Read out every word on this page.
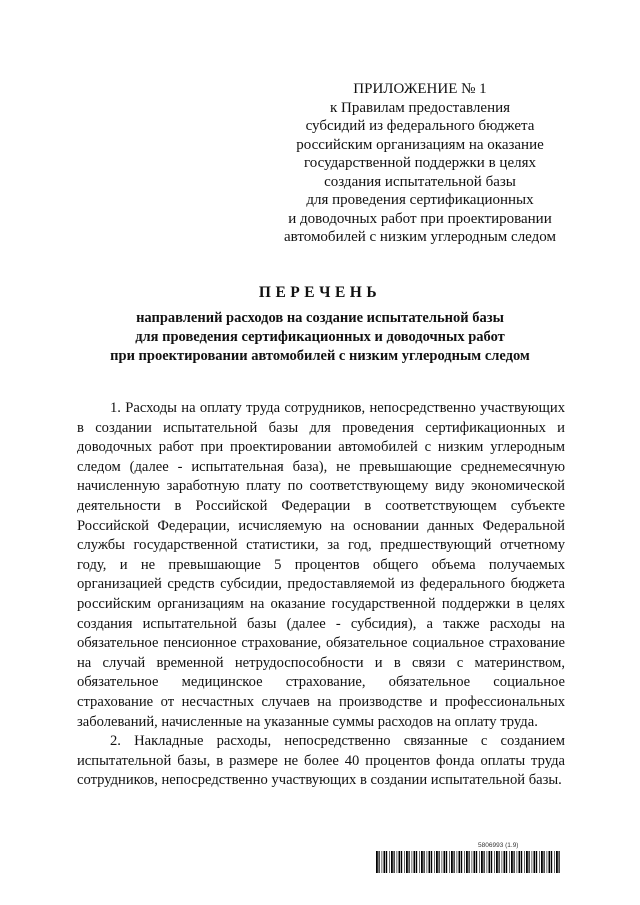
ПРИЛОЖЕНИЕ № 1
к Правилам предоставления
субсидий из федерального бюджета
российским организациям на оказание
государственной поддержки в целях
создания испытательной базы
для проведения сертификационных
и доводочных работ при проектировании
автомобилей с низким углеродным следом
ПЕРЕЧЕНЬ
направлений расходов на создание испытательной базы
для проведения сертификационных и доводочных работ
при проектировании автомобилей с низким углеродным следом

1. Расходы на оплату труда сотрудников, непосредственно участвующих в создании испытательной базы для проведения сертификационных и доводочных работ при проектировании автомобилей с низким углеродным следом (далее - испытательная база), не превышающие среднемесячную начисленную заработную плату по соответствующему виду экономической деятельности в Российской Федерации в соответствующем субъекте Российской Федерации, исчисляемую на основании данных Федеральной службы государственной статистики, за год, предшествующий отчетному году, и не превышающие 5 процентов общего объема получаемых организацией средств субсидии, предоставляемой из федерального бюджета российским организациям на оказание государственной поддержки в целях создания испытательной базы (далее - субсидия), а также расходы на обязательное пенсионное страхование, обязательное социальное страхование на случай временной нетрудоспособности и в связи с материнством, обязательное медицинское страхование, обязательное социальное страхование от несчастных случаев на производстве и профессиональных заболеваний, начисленные на указанные суммы расходов на оплату труда.

2. Накладные расходы, непосредственно связанные с созданием испытательной базы, в размере не более 40 процентов фонда оплаты труда сотрудников, непосредственно участвующих в создании испытательной базы.

5806993 (1.9)
